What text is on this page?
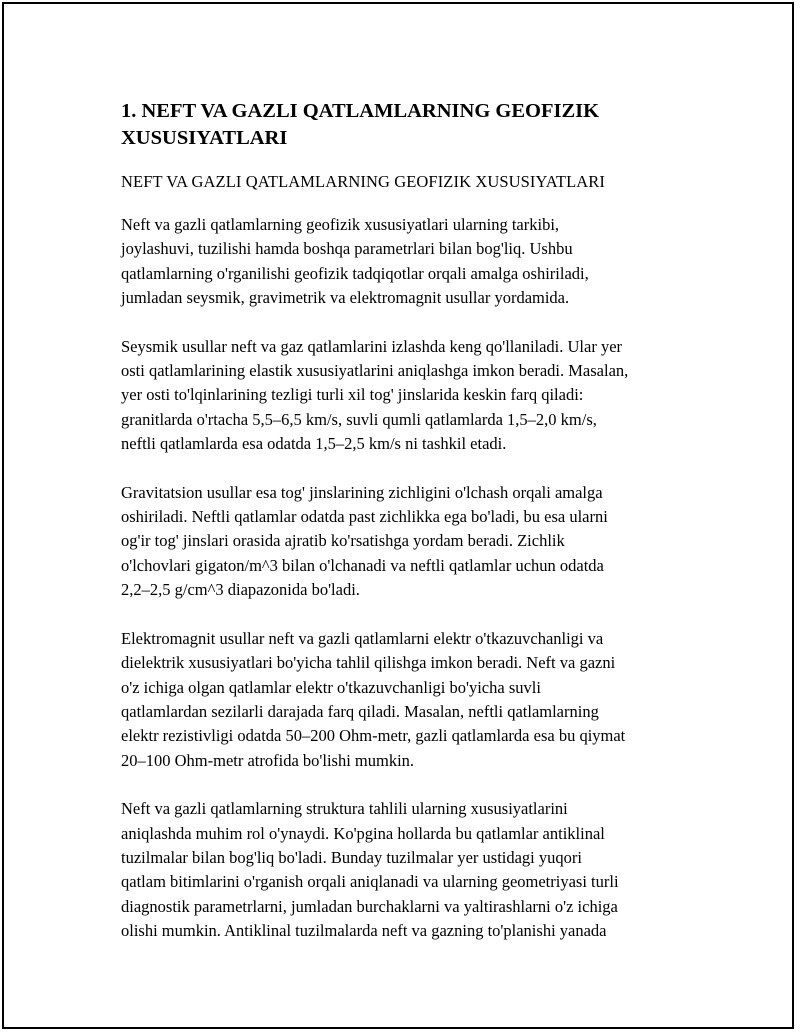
1. NEFT VA GAZLI QATLAMLARNING GEOFIZIK
XUSUSIYATLARI

NEFT VA GAZLI QATLAMLARNING GEOFIZIK XUSUSIYATLARI

Neft va gazli qatlamlarning geofizik xususiyatlari ularning tarkibi,
joylashuvi, tuzilishi hamda boshqa parametrlari bilan bog'liq. Ushbu
qatlamlarning o'rganilishi geofizik tadqiqotlar orqali amalga oshiriladi,
jumladan seysmik, gravimetrik va elektromagnit usullar yordamida.

Seysmik usullar neft va gaz qatlamlarini izlashda keng qo'llaniladi. Ular yer
osti qatlamlarining elastik xususiyatlarini aniqlashga imkon beradi. Masalan,
yer osti to'lqinlarining tezligi turli xil tog' jinslarida keskin farq qiladi:
granitlarda o'rtacha 5,5–6,5 km/s, suvli qumli qatlamlarda 1,5–2,0 km/s,
neftli qatlamlarda esa odatda 1,5–2,5 km/s ni tashkil etadi.

Gravitatsion usullar esa tog' jinslarining zichligini o'lchash orqali amalga
oshiriladi. Neftli qatlamlar odatda past zichlikka ega bo'ladi, bu esa ularni
og'ir tog' jinslari orasida ajratib ko'rsatishga yordam beradi. Zichlik
o'lchovlari gigaton/m^3 bilan o'lchanadi va neftli qatlamlar uchun odatda
2,2–2,5 g/cm^3 diapazonida bo'ladi.

Elektromagnit usullar neft va gazli qatlamlarni elektr o'tkazuvchanligi va
dielektrik xususiyatlari bo'yicha tahlil qilishga imkon beradi. Neft va gazni
o'z ichiga olgan qatlamlar elektr o'tkazuvchanligi bo'yicha suvli
qatlamlardan sezilarli darajada farq qiladi. Masalan, neftli qatlamlarning
elektr rezistivligi odatda 50–200 Ohm-metr, gazli qatlamlarda esa bu qiymat
20–100 Ohm-metr atrofida bo'lishi mumkin.

Neft va gazli qatlamlarning struktura tahlili ularning xususiyatlarini
aniqlashda muhim rol o'ynaydi. Ko'pgina hollarda bu qatlamlar antiklinal
tuzilmalar bilan bog'liq bo'ladi. Bunday tuzilmalar yer ustidagi yuqori
qatlam bitimlarini o'rganish orqali aniqlanadi va ularning geometriyasi turli
diagnostik parametrlarni, jumladan burchaklarni va yaltirashlarni o'z ichiga
olishi mumkin. Antiklinal tuzilmalarda neft va gazning to'planishi yanada
